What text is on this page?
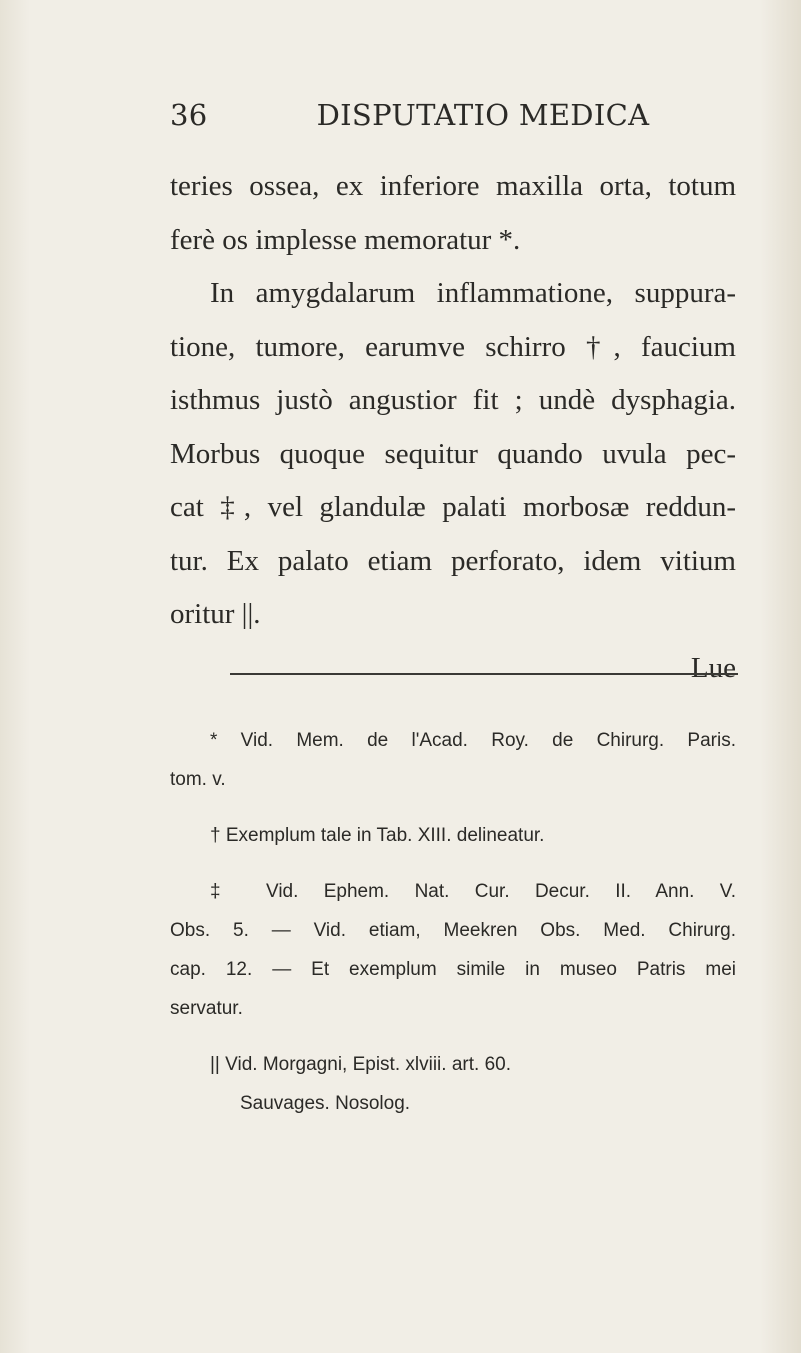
36	DISPUTATIO MEDICA
teries ossea, ex inferiore maxilla orta, totum
ferè os implesse memoratur *.
In amygdalarum inflammatione, suppura-
tione, tumore, earumve schirro †, faucium
isthmus justò angustior fit ; undè dysphagia.
Morbus quoque sequitur quando uvula pec-
cat ‡, vel glandulæ palati morbosæ reddun-
tur. Ex palato etiam perforato, idem vitium
oritur ||.
Lue
* Vid. Mem. de l'Acad. Roy. de Chirurg. Paris.
tom. v.
† Exemplum tale in Tab. XIII. delineatur.
‡ Vid. Ephem. Nat. Cur. Decur. II. Ann. V.
Obs. 5. — Vid. etiam, Meekren Obs. Med. Chirurg.
cap. 12. — Et exemplum simile in museo Patris mei
servatur.
|| Vid. Morgagni, Epist. xlviii. art. 60.
Sauvages. Nosolog.
